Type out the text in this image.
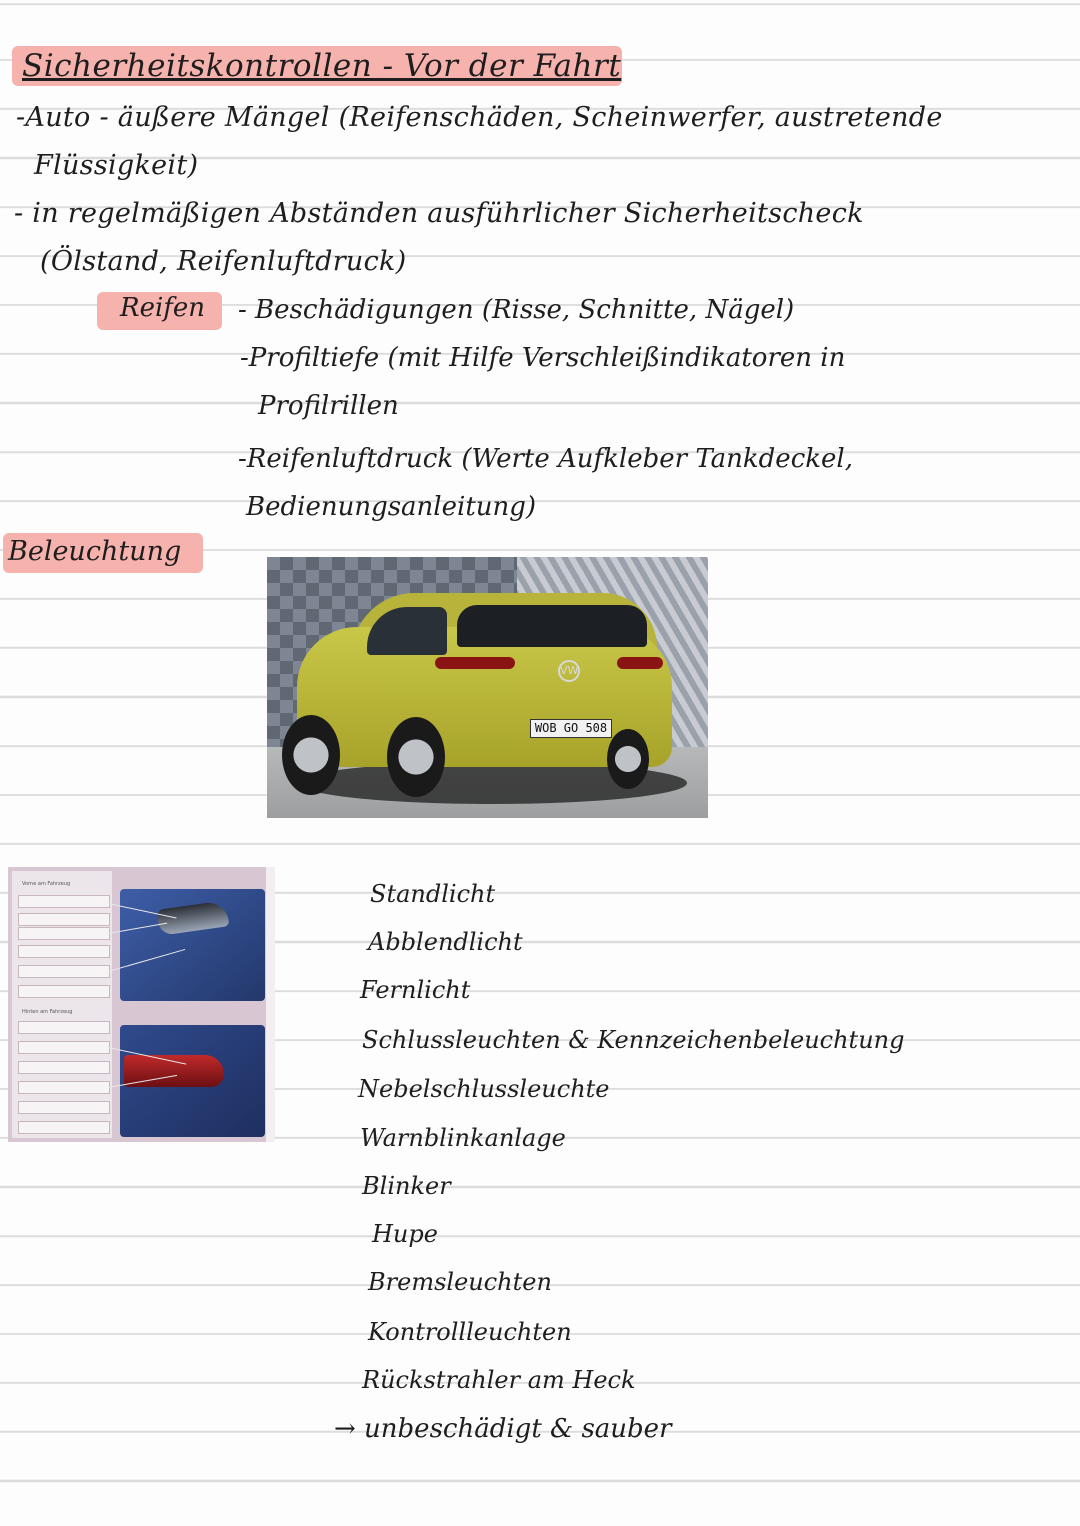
Sicherheitskontrollen - Vor der Fahrt
-Auto - äußere Mängel (Reifenschäden, Scheinwerfer, austretende
Flüssigkeit)
- in regelmäßigen Abständen ausführlicher Sicherheitscheck
(Ölstand, Reifenluftdruck)
Reifen - Beschädigungen (Risse, Schnitte, Nägel)
-Profiltiefe (mit Hilfe Verschleißindikatoren in
Profilrillen
-Reifenluftdruck (Werte Aufkleber Tankdeckel,
Bedienungsanleitung)
Beleuchtung
VW
WOB GO 508
Vorne am Fahrzeug
Hinten am Fahrzeug
Standlicht
Abblendlicht
Fernlicht
Schlussleuchten & Kennzeichenbeleuchtung
Nebelschlussleuchte
Warnblinkanlage
Blinker
Hupe
Bremsleuchten
Kontrollleuchten
Rückstrahler am Heck
→ unbeschädigt & sauber
